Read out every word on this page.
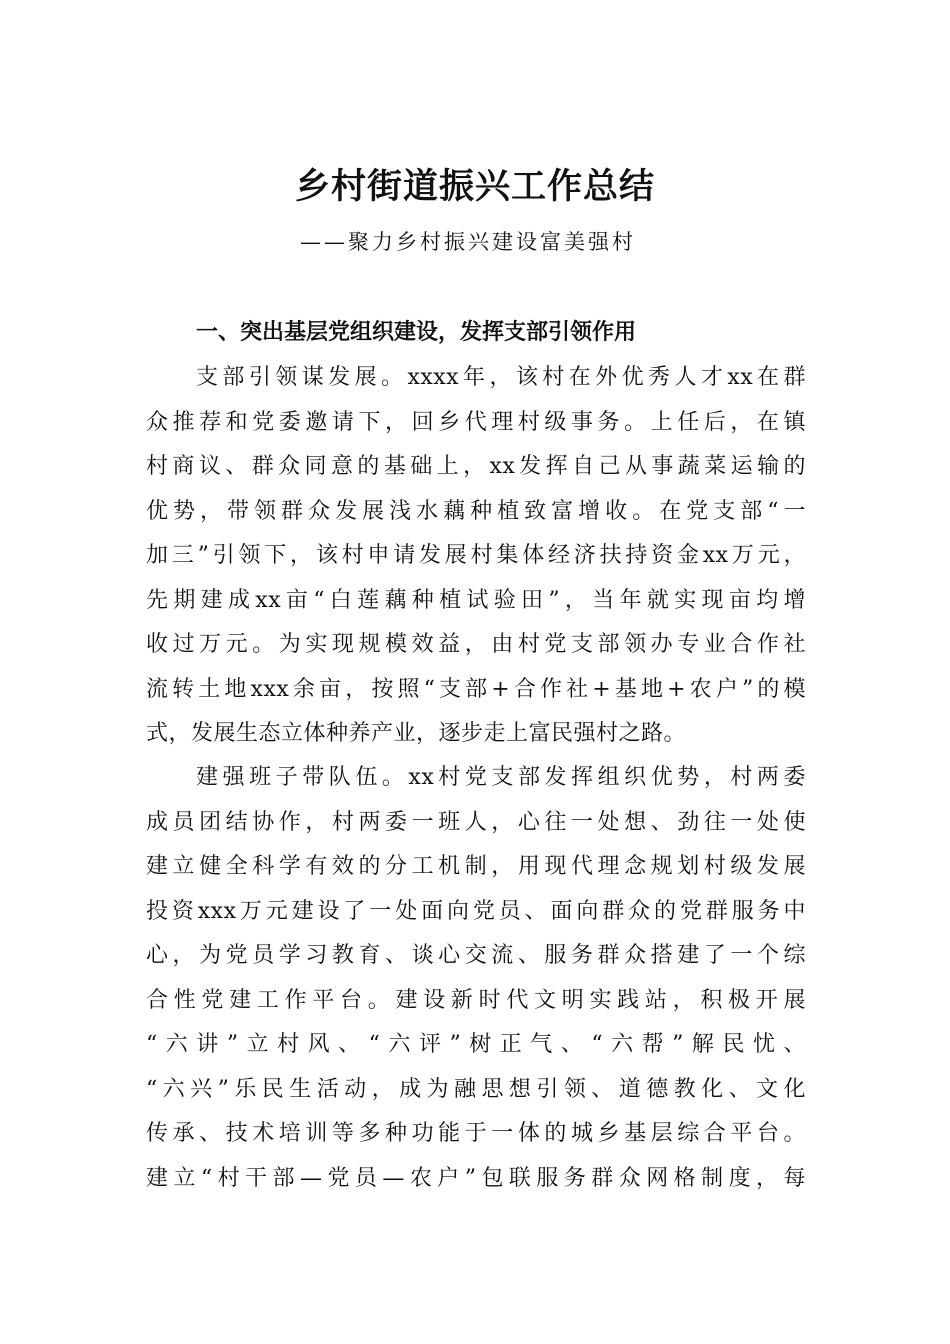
乡村街道振兴工作总结

——聚力乡村振兴建设富美强村

一、突出基层党组织建设，发挥支部引领作用
支部引领谋发展。xxxx年，该村在外优秀人才xx在群
众推荐和党委邀请下，回乡代理村级事务。上任后，在镇
村商议、群众同意的基础上，xx发挥自己从事蔬菜运输的
优势，带领群众发展浅水藕种植致富增收。在党支部“一
加三”引领下，该村申请发展村集体经济扶持资金xx万元，
先期建成xx亩“白莲藕种植试验田”，当年就实现亩均增
收过万元。为实现规模效益，由村党支部领办专业合作社
流转土地xxx余亩，按照“支部+合作社+基地+农户”的模
式，发展生态立体种养产业，逐步走上富民强村之路。
建强班子带队伍。xx村党支部发挥组织优势，村两委
成员团结协作，村两委一班人，心往一处想、劲往一处使
建立健全科学有效的分工机制，用现代理念规划村级发展
投资xxx万元建设了一处面向党员、面向群众的党群服务中
心，为党员学习教育、谈心交流、服务群众搭建了一个综
合性党建工作平台。建设新时代文明实践站，积极开展
“六讲”立村风、“六评”树正气、“六帮”解民忧、
“六兴”乐民生活动，成为融思想引领、道德教化、文化
传承、技术培训等多种功能于一体的城乡基层综合平台。
建立“村干部—党员—农户”包联服务群众网格制度，每
